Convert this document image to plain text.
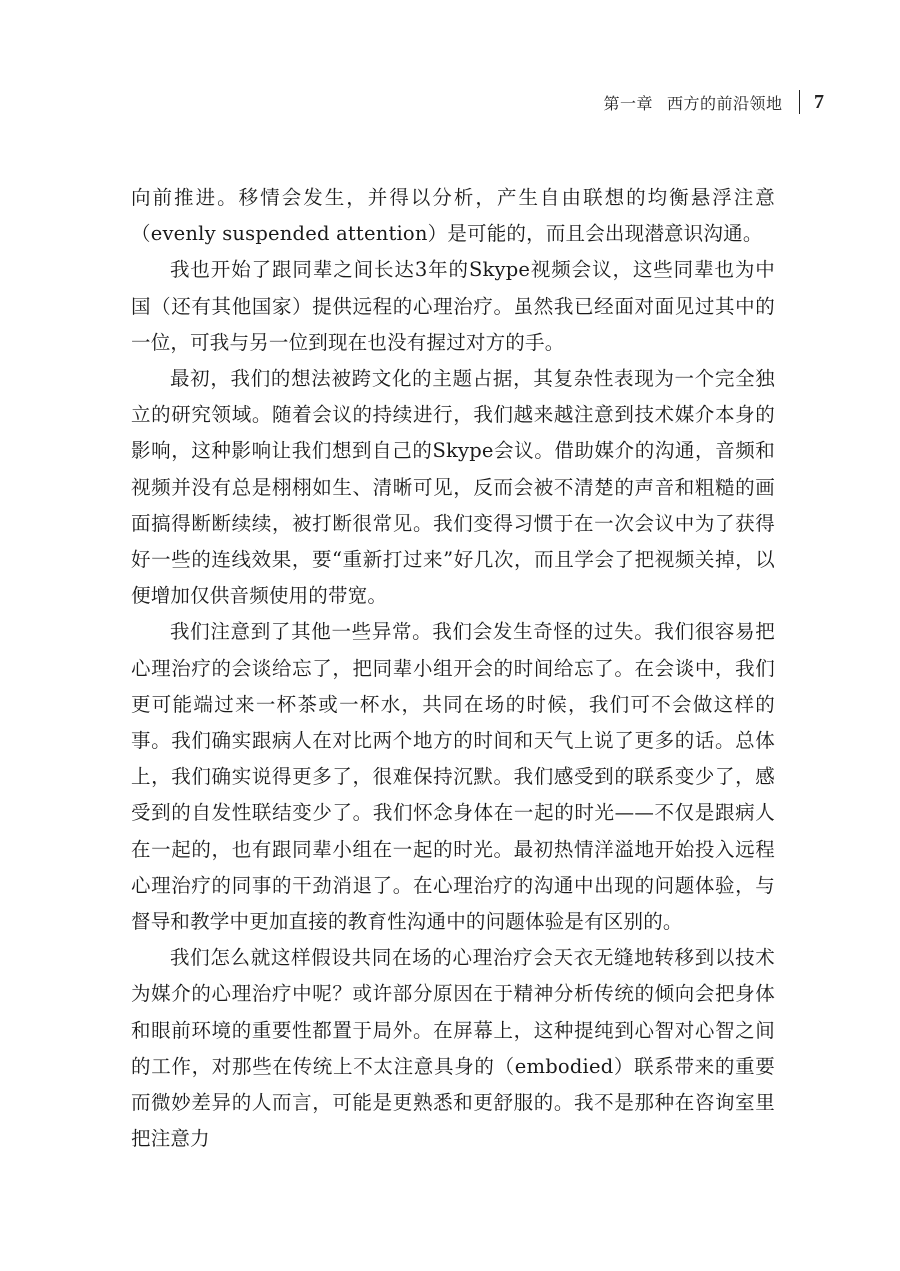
第一章 西方的前沿领地 7

向前推进。移情会发生，并得以分析，产生自由联想的均衡悬浮注意（evenly suspended attention）是可能的，而且会出现潜意识沟通。

我也开始了跟同辈之间长达3年的Skype视频会议，这些同辈也为中国（还有其他国家）提供远程的心理治疗。虽然我已经面对面见过其中的一位，可我与另一位到现在也没有握过对方的手。

最初，我们的想法被跨文化的主题占据，其复杂性表现为一个完全独立的研究领域。随着会议的持续进行，我们越来越注意到技术媒介本身的影响，这种影响让我们想到自己的Skype会议。借助媒介的沟通，音频和视频并没有总是栩栩如生、清晰可见，反而会被不清楚的声音和粗糙的画面搞得断断续续，被打断很常见。我们变得习惯于在一次会议中为了获得好一些的连线效果，要“重新打过来”好几次，而且学会了把视频关掉，以便增加仅供音频使用的带宽。

我们注意到了其他一些异常。我们会发生奇怪的过失。我们很容易把心理治疗的会谈给忘了，把同辈小组开会的时间给忘了。在会谈中，我们更可能端过来一杯茶或一杯水，共同在场的时候，我们可不会做这样的事。我们确实跟病人在对比两个地方的时间和天气上说了更多的话。总体上，我们确实说得更多了，很难保持沉默。我们感受到的联系变少了，感受到的自发性联结变少了。我们怀念身体在一起的时光——不仅是跟病人在一起的，也有跟同辈小组在一起的时光。最初热情洋溢地开始投入远程心理治疗的同事的干劲消退了。在心理治疗的沟通中出现的问题体验，与督导和教学中更加直接的教育性沟通中的问题体验是有区别的。

我们怎么就这样假设共同在场的心理治疗会天衣无缝地转移到以技术为媒介的心理治疗中呢？或许部分原因在于精神分析传统的倾向会把身体和眼前环境的重要性都置于局外。在屏幕上，这种提纯到心智对心智之间的工作，对那些在传统上不太注意具身的（embodied）联系带来的重要而微妙差异的人而言，可能是更熟悉和更舒服的。我不是那种在咨询室里把注意力
